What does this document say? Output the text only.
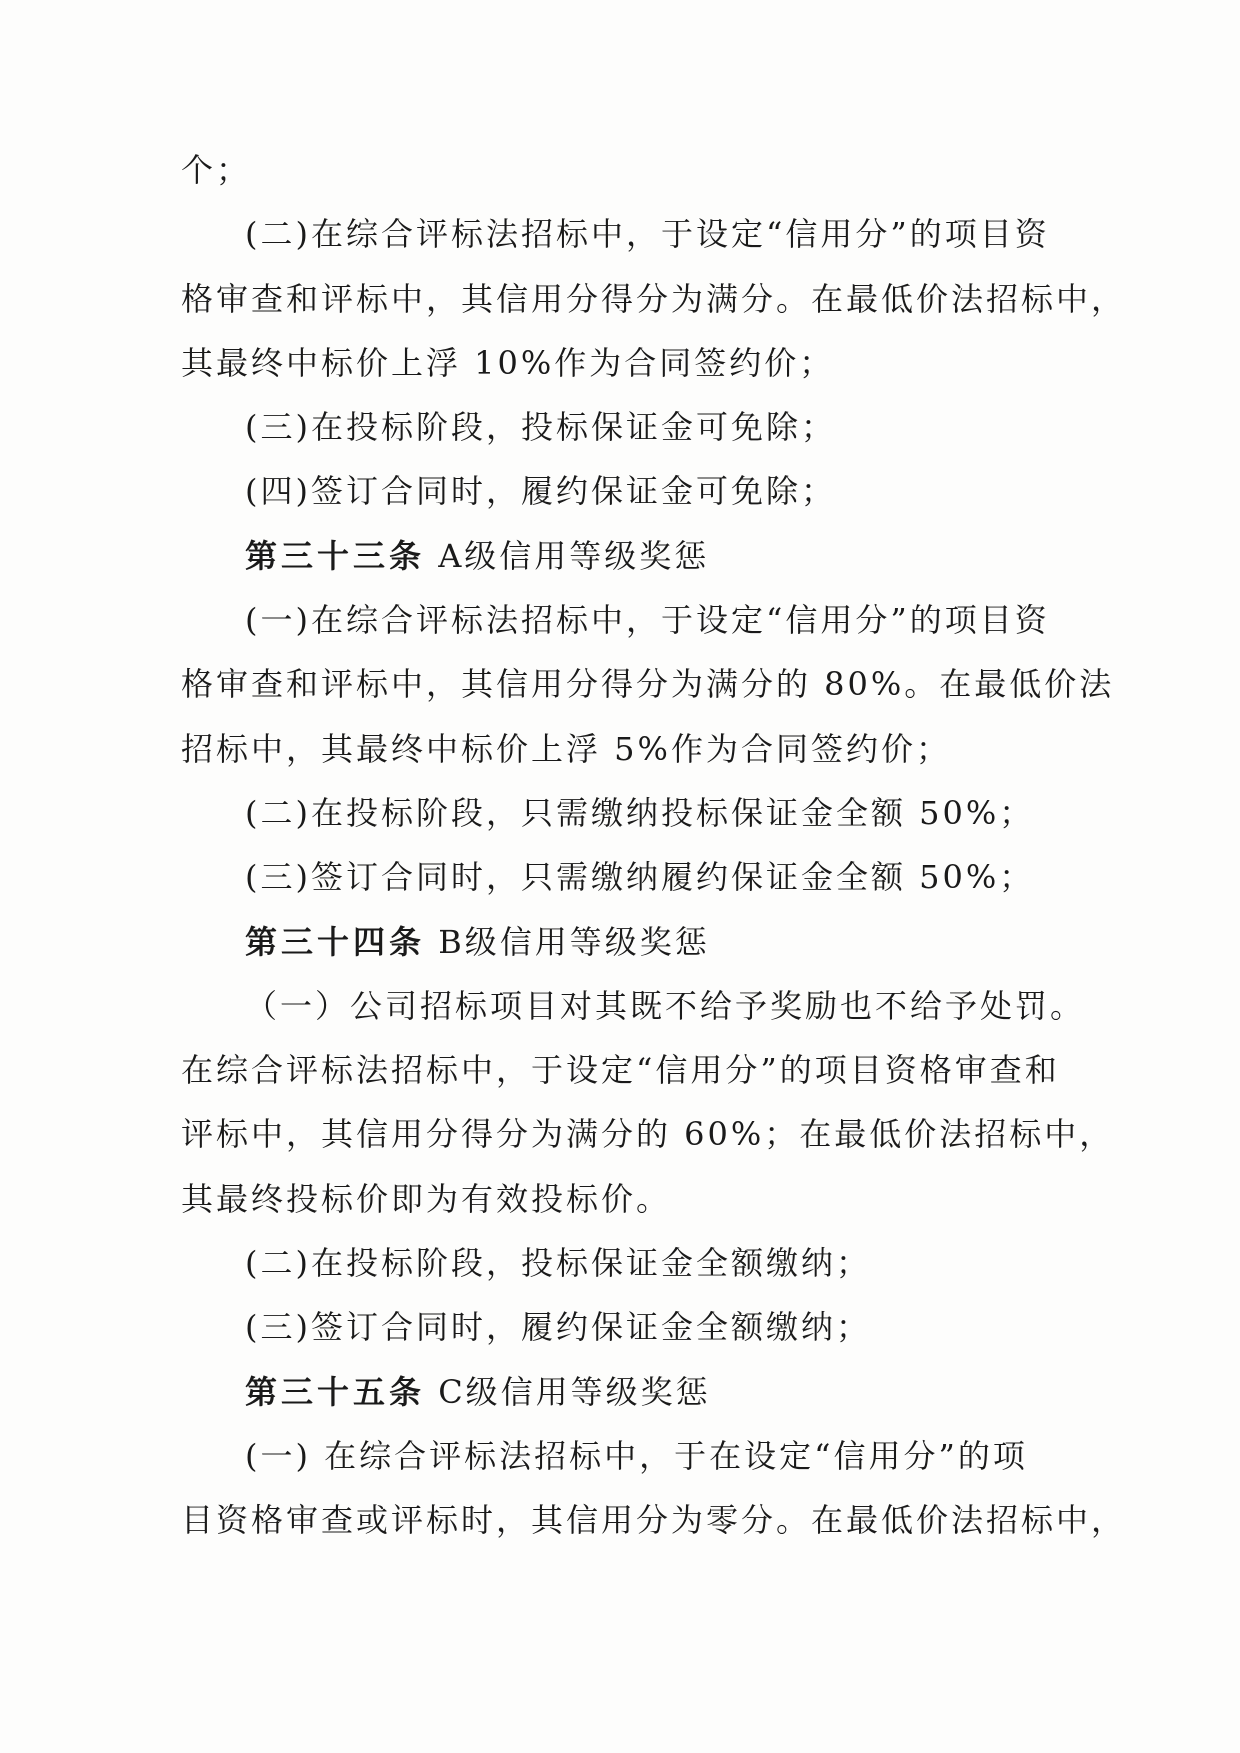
个；
(二)在综合评标法招标中，于设定“信用分”的项目资
格审查和评标中，其信用分得分为满分。在最低价法招标中，
其最终中标价上浮 10%作为合同签约价；
(三)在投标阶段，投标保证金可免除；
(四)签订合同时，履约保证金可免除；
第三十三条 A级信用等级奖惩
(一)在综合评标法招标中，于设定“信用分”的项目资
格审查和评标中，其信用分得分为满分的 80%。在最低价法
招标中，其最终中标价上浮 5%作为合同签约价；
(二)在投标阶段，只需缴纳投标保证金全额 50%；
(三)签订合同时，只需缴纳履约保证金全额 50%；
第三十四条 B级信用等级奖惩
（一）公司招标项目对其既不给予奖励也不给予处罚。
在综合评标法招标中，于设定“信用分”的项目资格审查和
评标中，其信用分得分为满分的 60%；在最低价法招标中，
其最终投标价即为有效投标价。
(二)在投标阶段，投标保证金全额缴纳；
(三)签订合同时，履约保证金全额缴纳；
第三十五条 C级信用等级奖惩
(一) 在综合评标法招标中，于在设定“信用分”的项
目资格审查或评标时，其信用分为零分。在最低价法招标中，
